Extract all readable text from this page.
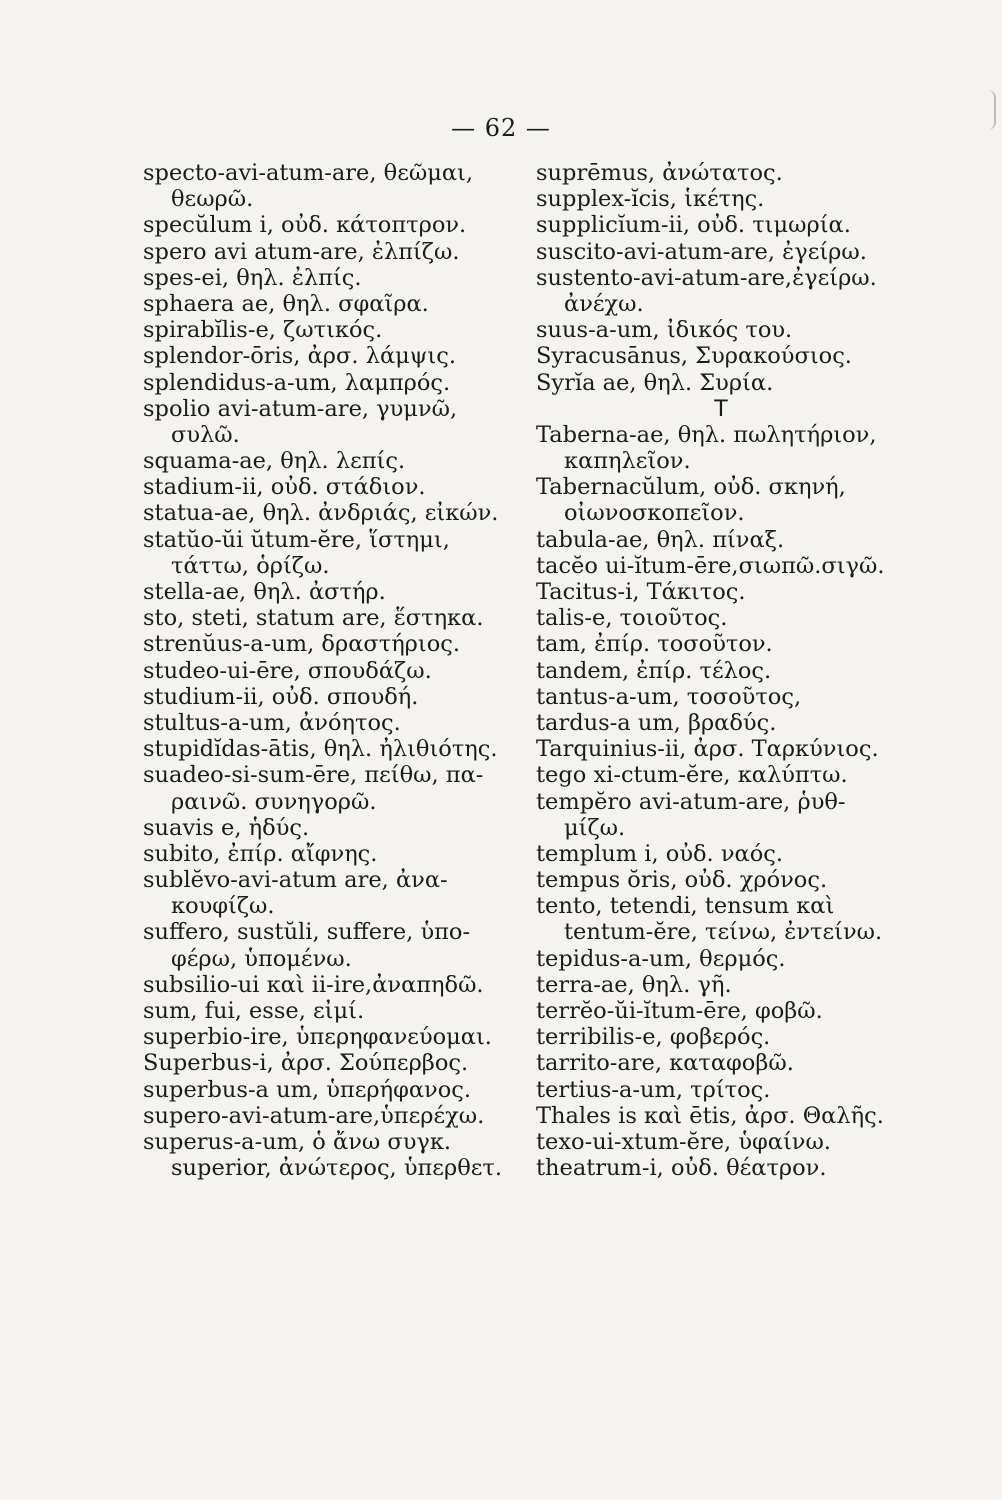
— 62 —
specto-avi-atum-are, θεῶμαι,
θεωρῶ.
specŭlum i, οὐδ. κάτοπτρον.
spero avi atum-are, ἐλπίζω.
spes-ei, θηλ. ἐλπίς.
sphaera ae, θηλ. σφαῖρα.
spirabĭlis-e, ζωτικός.
splendor-ōris, ἀρσ. λάμψις.
splendidus-a-um, λαμπρός.
spolio avi-atum-are, γυμνῶ,
συλῶ.
squama-ae, θηλ. λεπίς.
stadium-ii, οὐδ. στάδιον.
statua-ae, θηλ. ἀνδριάς, εἰκών.
statŭo-ŭi ŭtum-ĕre, ἵστημι,
τάττω, ὁρίζω.
stella-ae, θηλ. ἀστήρ.
sto, steti, statum are, ἕστηκα.
strenŭus-a-um, δραστήριος.
studeo-ui-ēre, σπουδάζω.
studium-ii, οὐδ. σπουδή.
stultus-a-um, ἀνόητος.
stupidĭdas-ātis, θηλ. ἠλιθιότης.
suadeo-si-sum-ēre, πείθω, πα-
ραινῶ. συνηγορῶ.
suavis e, ἡδύς.
subito, ἐπίρ. αἴφνης.
sublĕvo-avi-atum are, ἀνα-
κουφίζω.
suffero, sustŭli, suffere, ὑπο-
φέρω, ὑπομένω.
subsilio-ui καὶ ii-ire,ἀναπηδῶ.
sum, fui, esse, εἰμί.
superbio-ire, ὑπερηφανεύομαι.
Superbus-i, ἀρσ. Σούπερβος.
superbus-a um, ὑπερήφανος.
supero-avi-atum-are,ὑπερέχω.
superus-a-um, ὁ ἄνω συγκ.
superior, ἀνώτερος, ὑπερθετ.
suprēmus, ἀνώτατος.
supplex-ĭcis, ἱκέτης.
supplicĭum-ii, οὐδ. τιμωρία.
suscito-avi-atum-are, ἐγείρω.
sustento-avi-atum-are,ἐγείρω.
ἀνέχω.
suus-a-um, ἰδικός του.
Syracusānus, Συρακούσιος.
Syrĭa ae, θηλ. Συρία.
T
Taberna-ae, θηλ. πωλητήριον,
καπηλεῖον.
Tabernacŭlum, οὐδ. σκηνή,
οἰωνοσκοπεῖον.
tabula-ae, θηλ. πίναξ.
tacĕo ui-ĭtum-ēre,σιωπῶ.σιγῶ.
Tacitus-i, Τάκιτος.
talis-e, τοιοῦτος.
tam, ἐπίρ. τοσοῦτον.
tandem, ἐπίρ. τέλος.
tantus-a-um, τοσοῦτος,
tardus-a um, βραδύς.
Tarquinius-ii, ἀρσ. Ταρκύνιος.
tego xi-ctum-ĕre, καλύπτω.
tempĕro avi-atum-are, ῥυθ-
μίζω.
templum i, οὐδ. ναός.
tempus ŏris, οὐδ. χρόνος.
tento, tetendi, tensum καὶ
tentum-ĕre, τείνω, ἐντείνω.
tepidus-a-um, θερμός.
terra-ae, θηλ. γῆ.
terrĕo-ŭi-ĭtum-ēre, φοβῶ.
terribilis-e, φοβερός.
tarrito-are, καταφοβῶ.
tertius-a-um, τρίτος.
Thales is καὶ ētis, ἀρσ. Θαλῆς.
texo-ui-xtum-ĕre, ὑφαίνω.
theatrum-i, οὐδ. θέατρον.
